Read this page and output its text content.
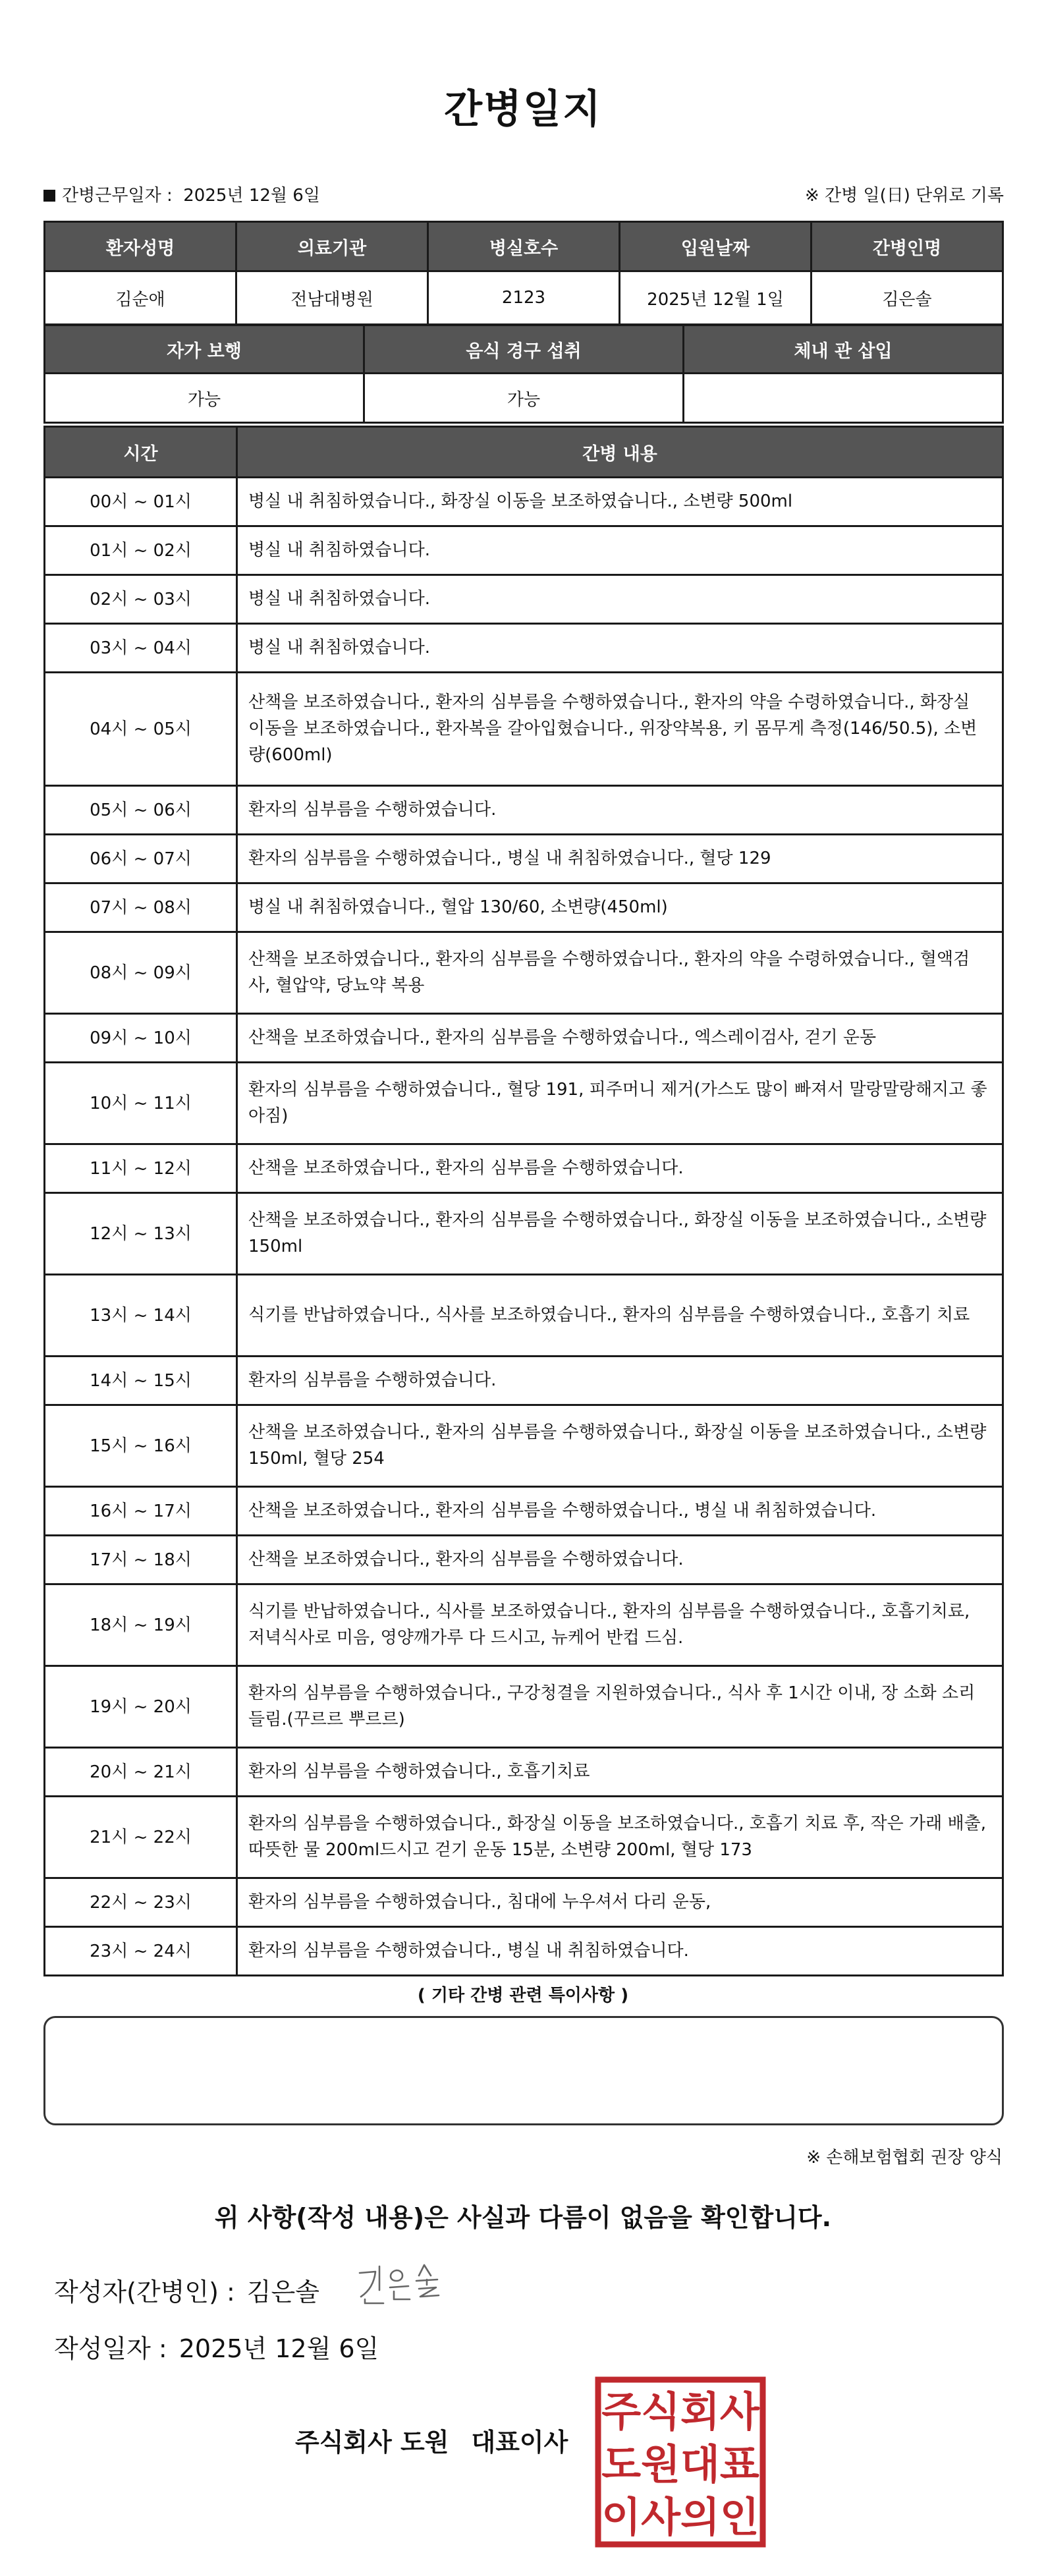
간병일지
간병근무일자 : 2025년 12월 6일	※ 간병 일(日) 단위로 기록
환자성명	의료기관	병실호수	입원날짜	간병인명
김순애	전남대병원	2123	2025년 12월 1일	김은솔
자가 보행	음식 경구 섭취	체내 관 삽입
가능	가능	
시간	간병 내용
00시 ~ 01시	병실 내 취침하였습니다., 화장실 이동을 보조하였습니다., 소변량 500ml
01시 ~ 02시	병실 내 취침하였습니다.
02시 ~ 03시	병실 내 취침하였습니다.
03시 ~ 04시	병실 내 취침하였습니다.
04시 ~ 05시	산책을 보조하였습니다., 환자의 심부름을 수행하였습니다., 환자의 약을 수령하였습니다., 화장실 이동을 보조하였습니다., 환자복을 갈아입혔습니다., 위장약복용, 키 몸무게 측정(146/50.5), 소변량(600ml)
05시 ~ 06시	환자의 심부름을 수행하였습니다.
06시 ~ 07시	환자의 심부름을 수행하였습니다., 병실 내 취침하였습니다., 혈당 129
07시 ~ 08시	병실 내 취침하였습니다., 혈압 130/60, 소변량(450ml)
08시 ~ 09시	산책을 보조하였습니다., 환자의 심부름을 수행하였습니다., 환자의 약을 수령하였습니다., 혈액검사, 혈압약, 당뇨약 복용
09시 ~ 10시	산책을 보조하였습니다., 환자의 심부름을 수행하였습니다., 엑스레이검사, 걷기 운동
10시 ~ 11시	환자의 심부름을 수행하였습니다., 혈당 191, 피주머니 제거(가스도 많이 빠져서 말랑말랑해지고 좋아짐)
11시 ~ 12시	산책을 보조하였습니다., 환자의 심부름을 수행하였습니다.
12시 ~ 13시	산책을 보조하였습니다., 환자의 심부름을 수행하였습니다., 화장실 이동을 보조하였습니다., 소변량 150ml
13시 ~ 14시	식기를 반납하였습니다., 식사를 보조하였습니다., 환자의 심부름을 수행하였습니다., 호흡기 치료
14시 ~ 15시	환자의 심부름을 수행하였습니다.
15시 ~ 16시	산책을 보조하였습니다., 환자의 심부름을 수행하였습니다., 화장실 이동을 보조하였습니다., 소변량 150ml, 혈당 254
16시 ~ 17시	산책을 보조하였습니다., 환자의 심부름을 수행하였습니다., 병실 내 취침하였습니다.
17시 ~ 18시	산책을 보조하였습니다., 환자의 심부름을 수행하였습니다.
18시 ~ 19시	식기를 반납하였습니다., 식사를 보조하였습니다., 환자의 심부름을 수행하였습니다., 호흡기치료, 저녁식사로 미음, 영양깨가루 다 드시고, 뉴케어 반컵 드심.
19시 ~ 20시	환자의 심부름을 수행하였습니다., 구강청결을 지원하였습니다., 식사 후 1시간 이내, 장 소화 소리 들림.(꾸르르 뿌르르)
20시 ~ 21시	환자의 심부름을 수행하였습니다., 호흡기치료
21시 ~ 22시	환자의 심부름을 수행하였습니다., 화장실 이동을 보조하였습니다., 호흡기 치료 후, 작은 가래 배출, 따뜻한 물 200ml드시고 걷기 운동 15분, 소변량 200ml, 혈당 173
22시 ~ 23시	환자의 심부름을 수행하였습니다., 침대에 누우셔서 다리 운동,
23시 ~ 24시	환자의 심부름을 수행하였습니다., 병실 내 취침하였습니다.
( 기타 간병 관련 특이사항 )
※ 손해보험협회 권장 양식
위 사항(작성 내용)은 사실과 다름이 없음을 확인합니다.
작성자(간병인) : 김은솔
작성일자 : 2025년 12월 6일
주식회사 도원 대표이사
주식회사
도원대표
이사의인
